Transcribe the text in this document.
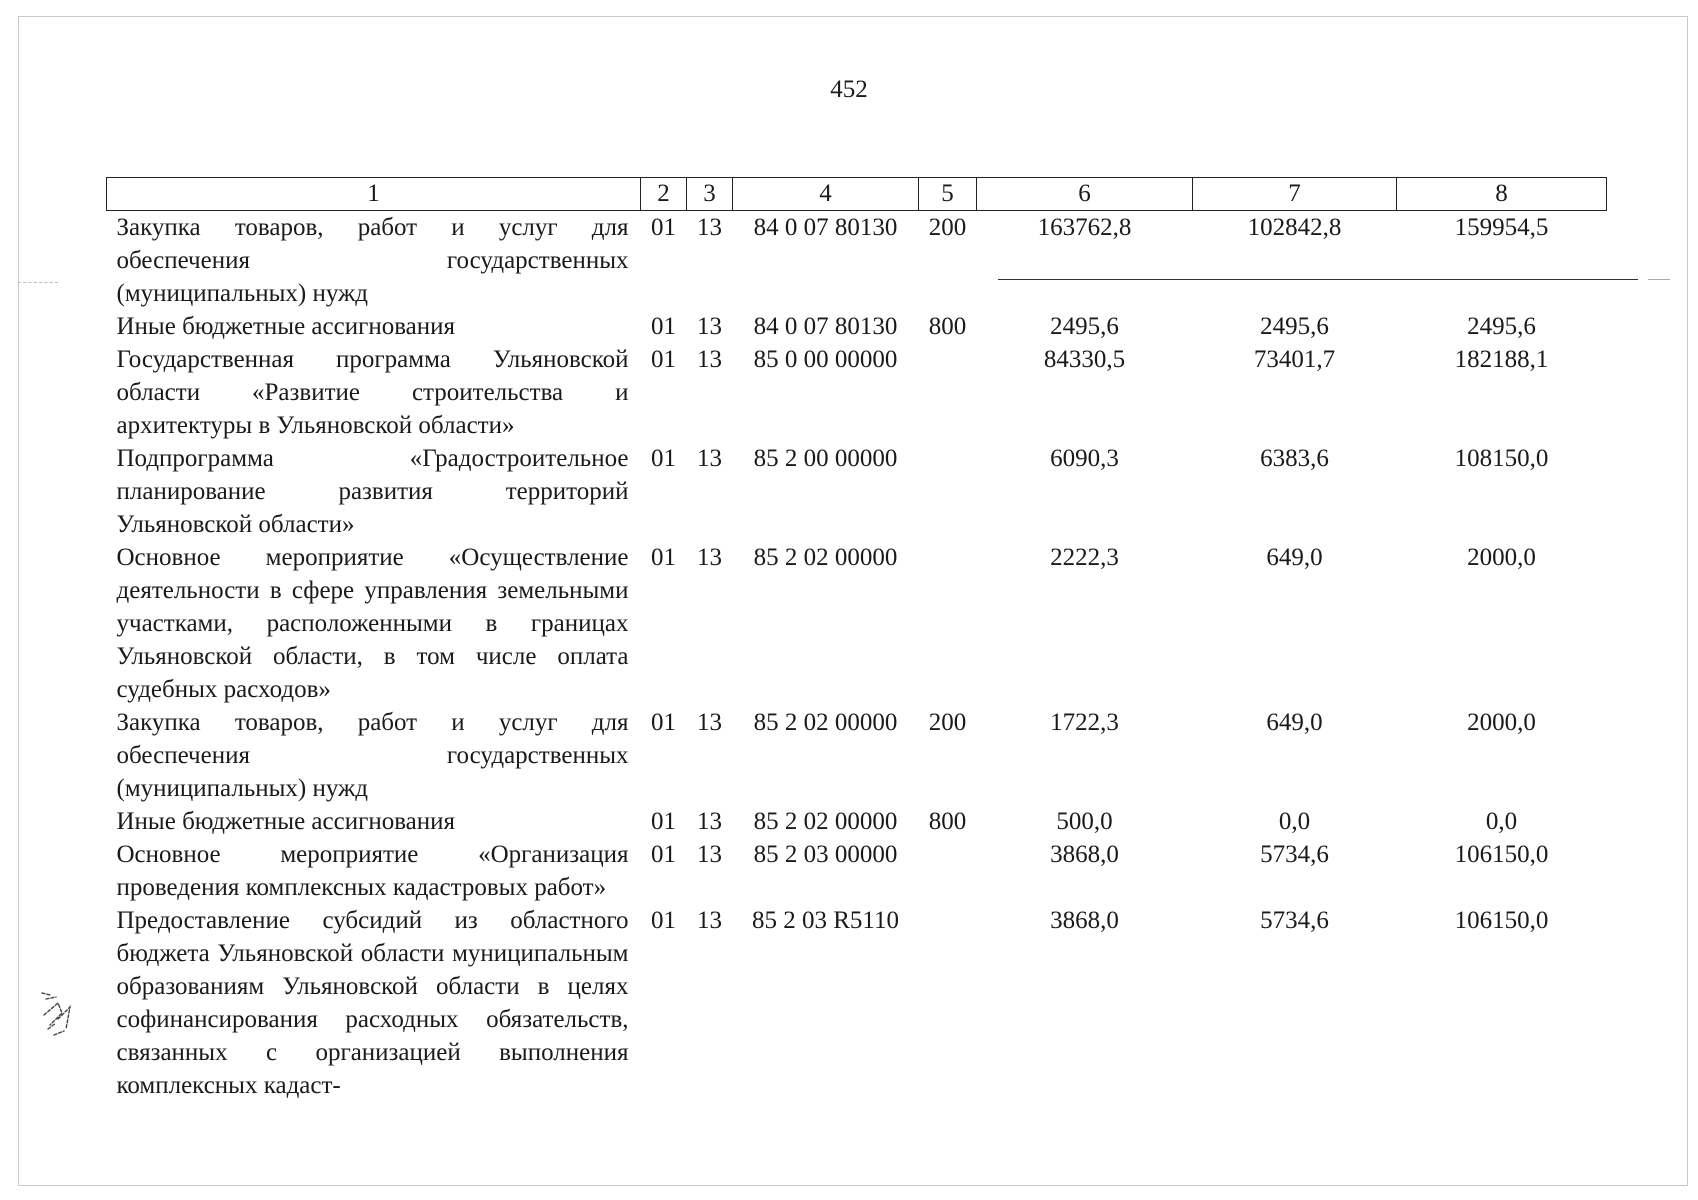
452
1	2	3	4	5	6	7	8
Закупка товаров, работ и услуг для обеспечения государственных (муниципальных) нужд	01	13	84 0 07 80130	200	163762,8	102842,8	159954,5
Иные бюджетные ассигнования	01	13	84 0 07 80130	800	2495,6	2495,6	2495,6
Государственная программа Ульяновской области «Развитие строительства и архитектуры в Ульяновской области»	01	13	85 0 00 00000		84330,5	73401,7	182188,1
Подпрограмма «Градостроительное планирование развития территорий Ульяновской области»	01	13	85 2 00 00000		6090,3	6383,6	108150,0
Основное мероприятие «Осуществление деятельности в сфере управления земельными участками, расположенными в границах Ульяновской области, в том числе оплата судебных расходов»	01	13	85 2 02 00000		2222,3	649,0	2000,0
Закупка товаров, работ и услуг для обеспечения государственных (муниципальных) нужд	01	13	85 2 02 00000	200	1722,3	649,0	2000,0
Иные бюджетные ассигнования	01	13	85 2 02 00000	800	500,0	0,0	0,0
Основное мероприятие «Организация проведения комплексных кадастровых работ»	01	13	85 2 03 00000		3868,0	5734,6	106150,0
Предоставление субсидий из областного бюджета Ульяновской области муниципальным образованиям Ульяновской области в целях софинансирования расходных обязательств, связанных с организацией выполнения комплексных кадаст-	01	13	85 2 03 R5110		3868,0	5734,6	106150,0
